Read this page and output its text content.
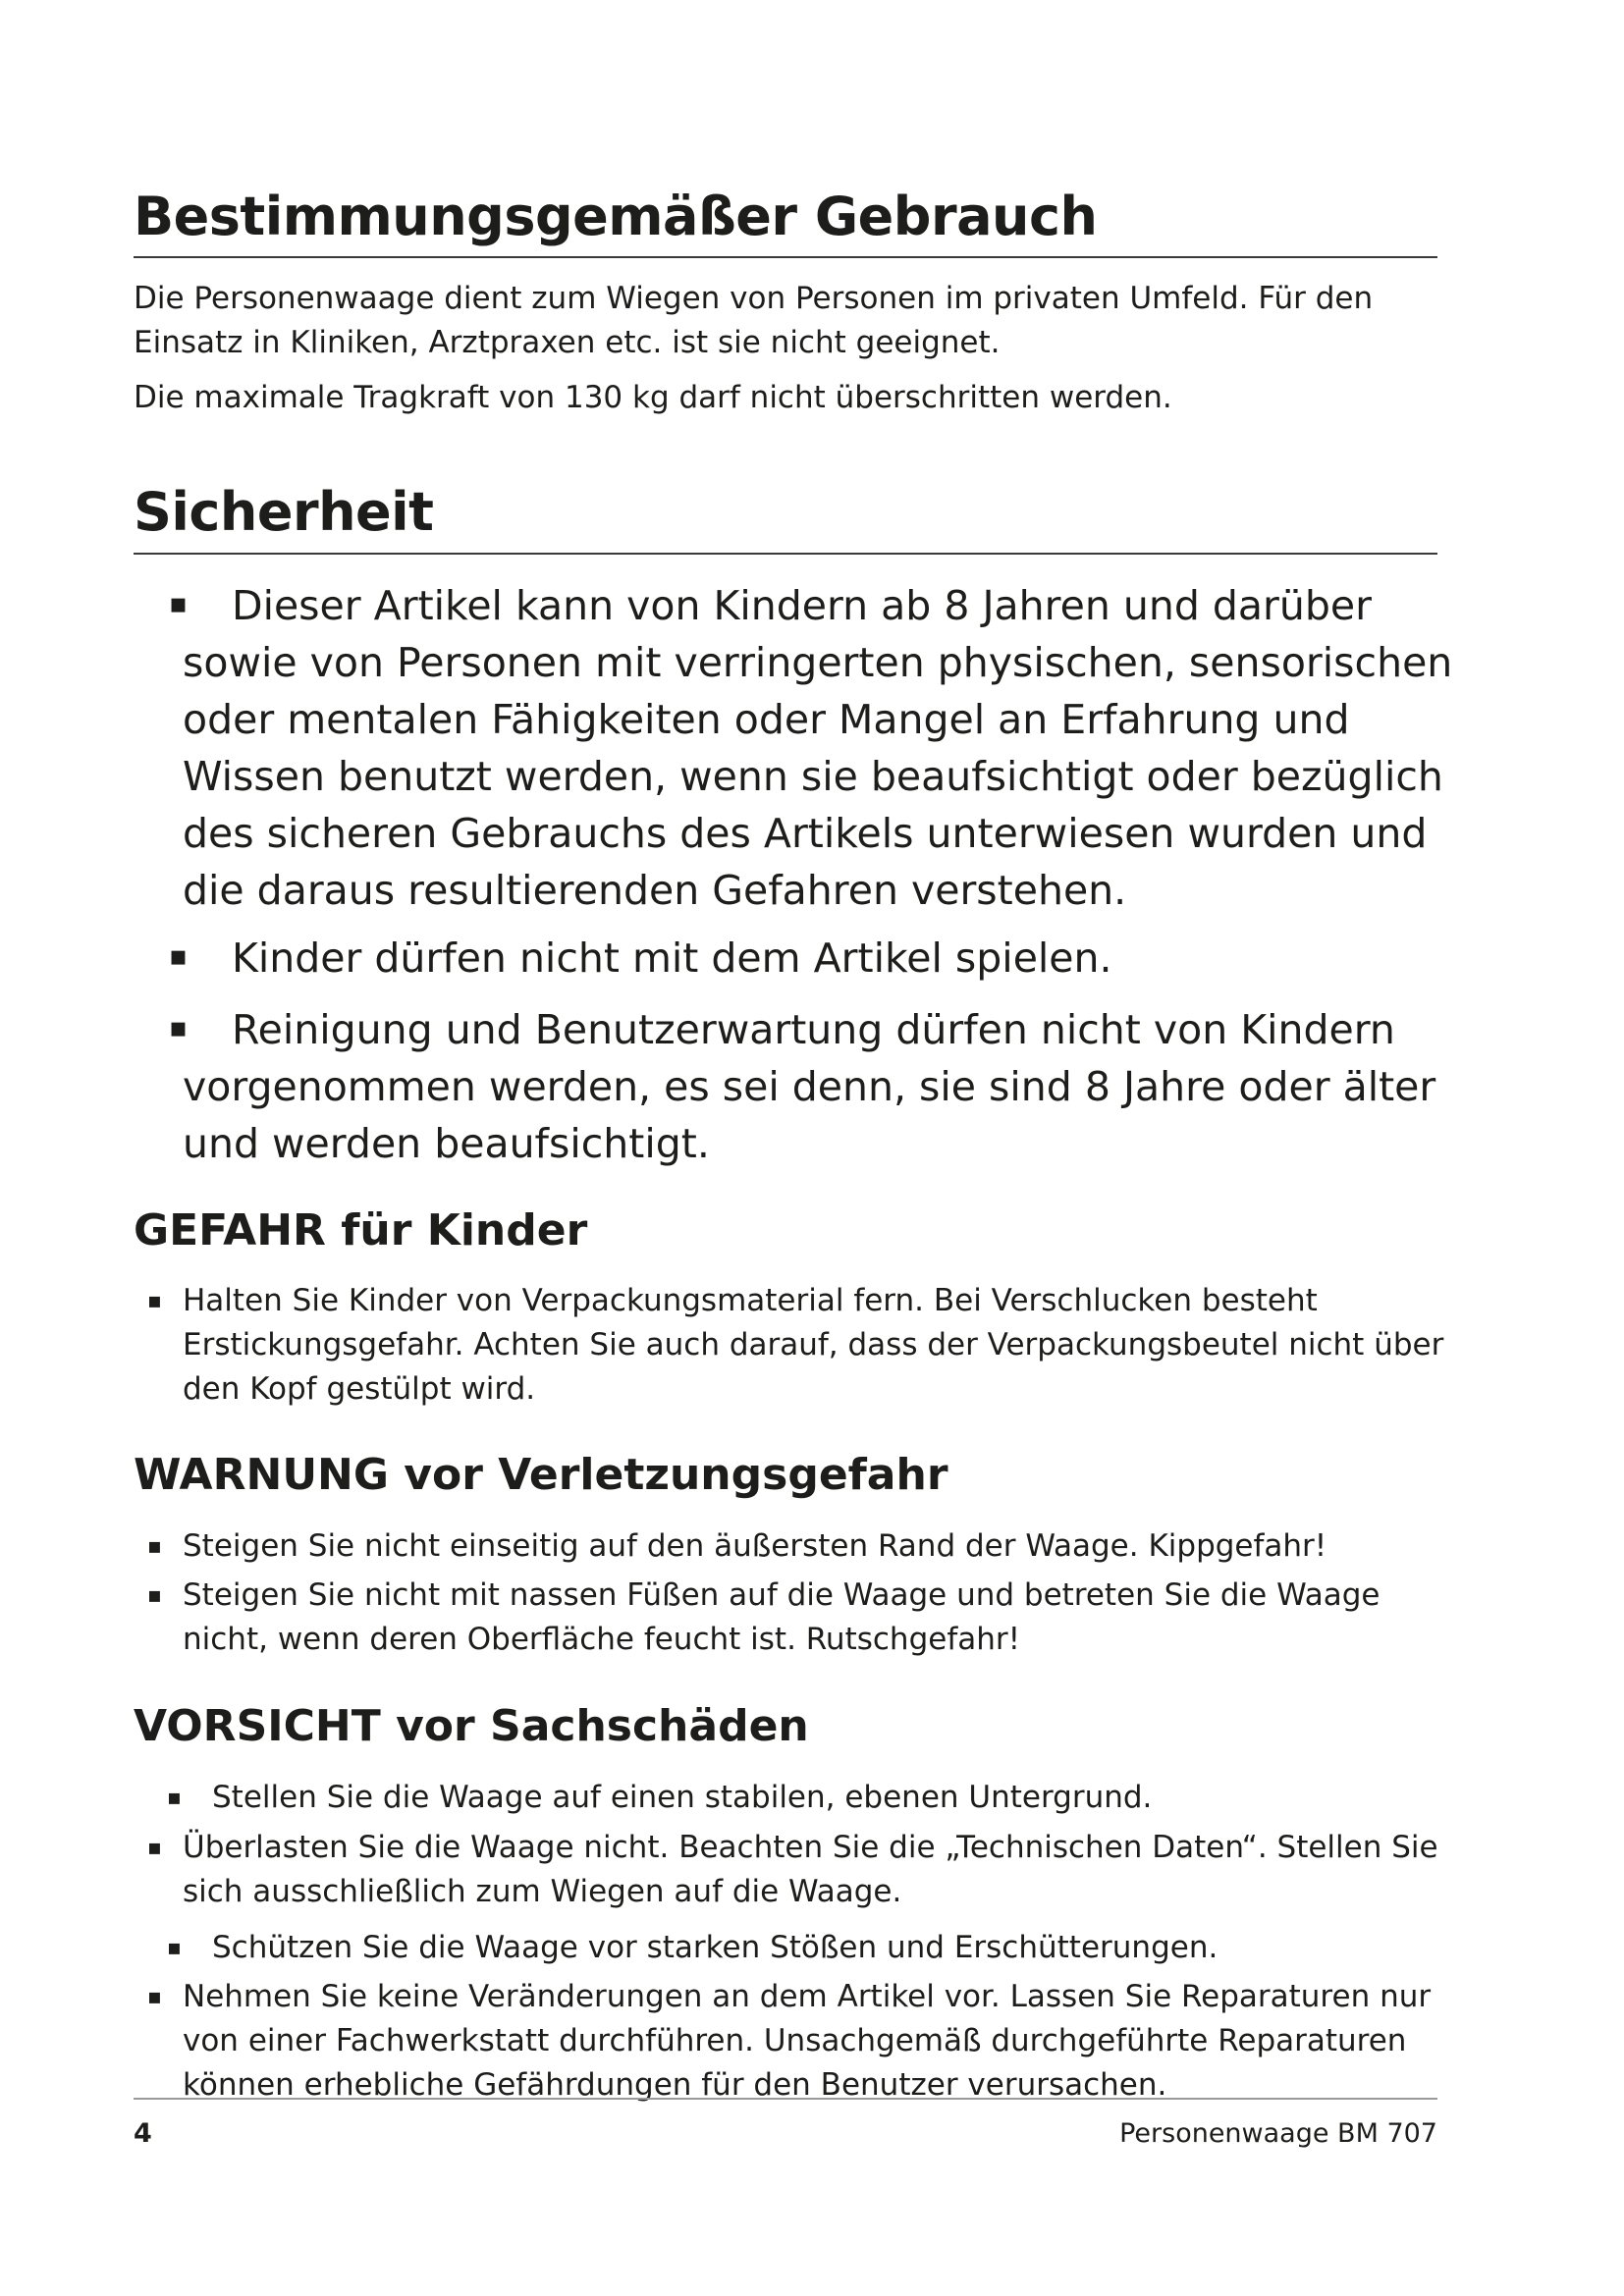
Bestimmungsgemäßer Gebrauch

Die Personenwaage dient zum Wiegen von Personen im privaten Umfeld. Für den Einsatz in Kliniken, Arztpraxen etc. ist sie nicht geeignet.

Die maximale Tragkraft von 130 kg darf nicht überschritten werden.

Sicherheit
▪ Dieser Artikel kann von Kindern ab 8 Jahren und darüber sowie von Personen mit verringerten physischen, sensorischen oder mentalen Fähigkeiten oder Mangel an Erfahrung und Wissen benutzt werden, wenn sie beaufsichtigt oder bezüglich des sicheren Gebrauchs des Artikels unterwiesen wurden und die daraus resultierenden Gefahren verstehen.
▪ Kinder dürfen nicht mit dem Artikel spielen.
▪ Reinigung und Benutzerwartung dürfen nicht von Kindern vorgenommen werden, es sei denn, sie sind 8 Jahre oder älter und werden beaufsichtigt.
GEFAHR für Kinder
▪ Halten Sie Kinder von Verpackungsmaterial fern. Bei Verschlucken besteht Erstickungsgefahr. Achten Sie auch darauf, dass der Verpackungsbeutel nicht über den Kopf gestülpt wird.
WARNUNG vor Verletzungsgefahr
▪ Steigen Sie nicht einseitig auf den äußersten Rand der Waage. Kippgefahr!
▪ Steigen Sie nicht mit nassen Füßen auf die Waage und betreten Sie die Waage nicht, wenn deren Oberfläche feucht ist. Rutschgefahr!
VORSICHT vor Sachschäden
▪ Stellen Sie die Waage auf einen stabilen, ebenen Untergrund.
▪ Überlasten Sie die Waage nicht. Beachten Sie die „Technischen Daten“. Stellen Sie sich ausschließlich zum Wiegen auf die Waage.
▪ Schützen Sie die Waage vor starken Stößen und Erschütterungen.
▪ Nehmen Sie keine Veränderungen an dem Artikel vor. Lassen Sie Reparaturen nur von einer Fachwerkstatt durchführen. Unsachgemäß durchgeführte Reparaturen können erhebliche Gefährdungen für den Benutzer verursachen.
4	Personenwaage BM 707
